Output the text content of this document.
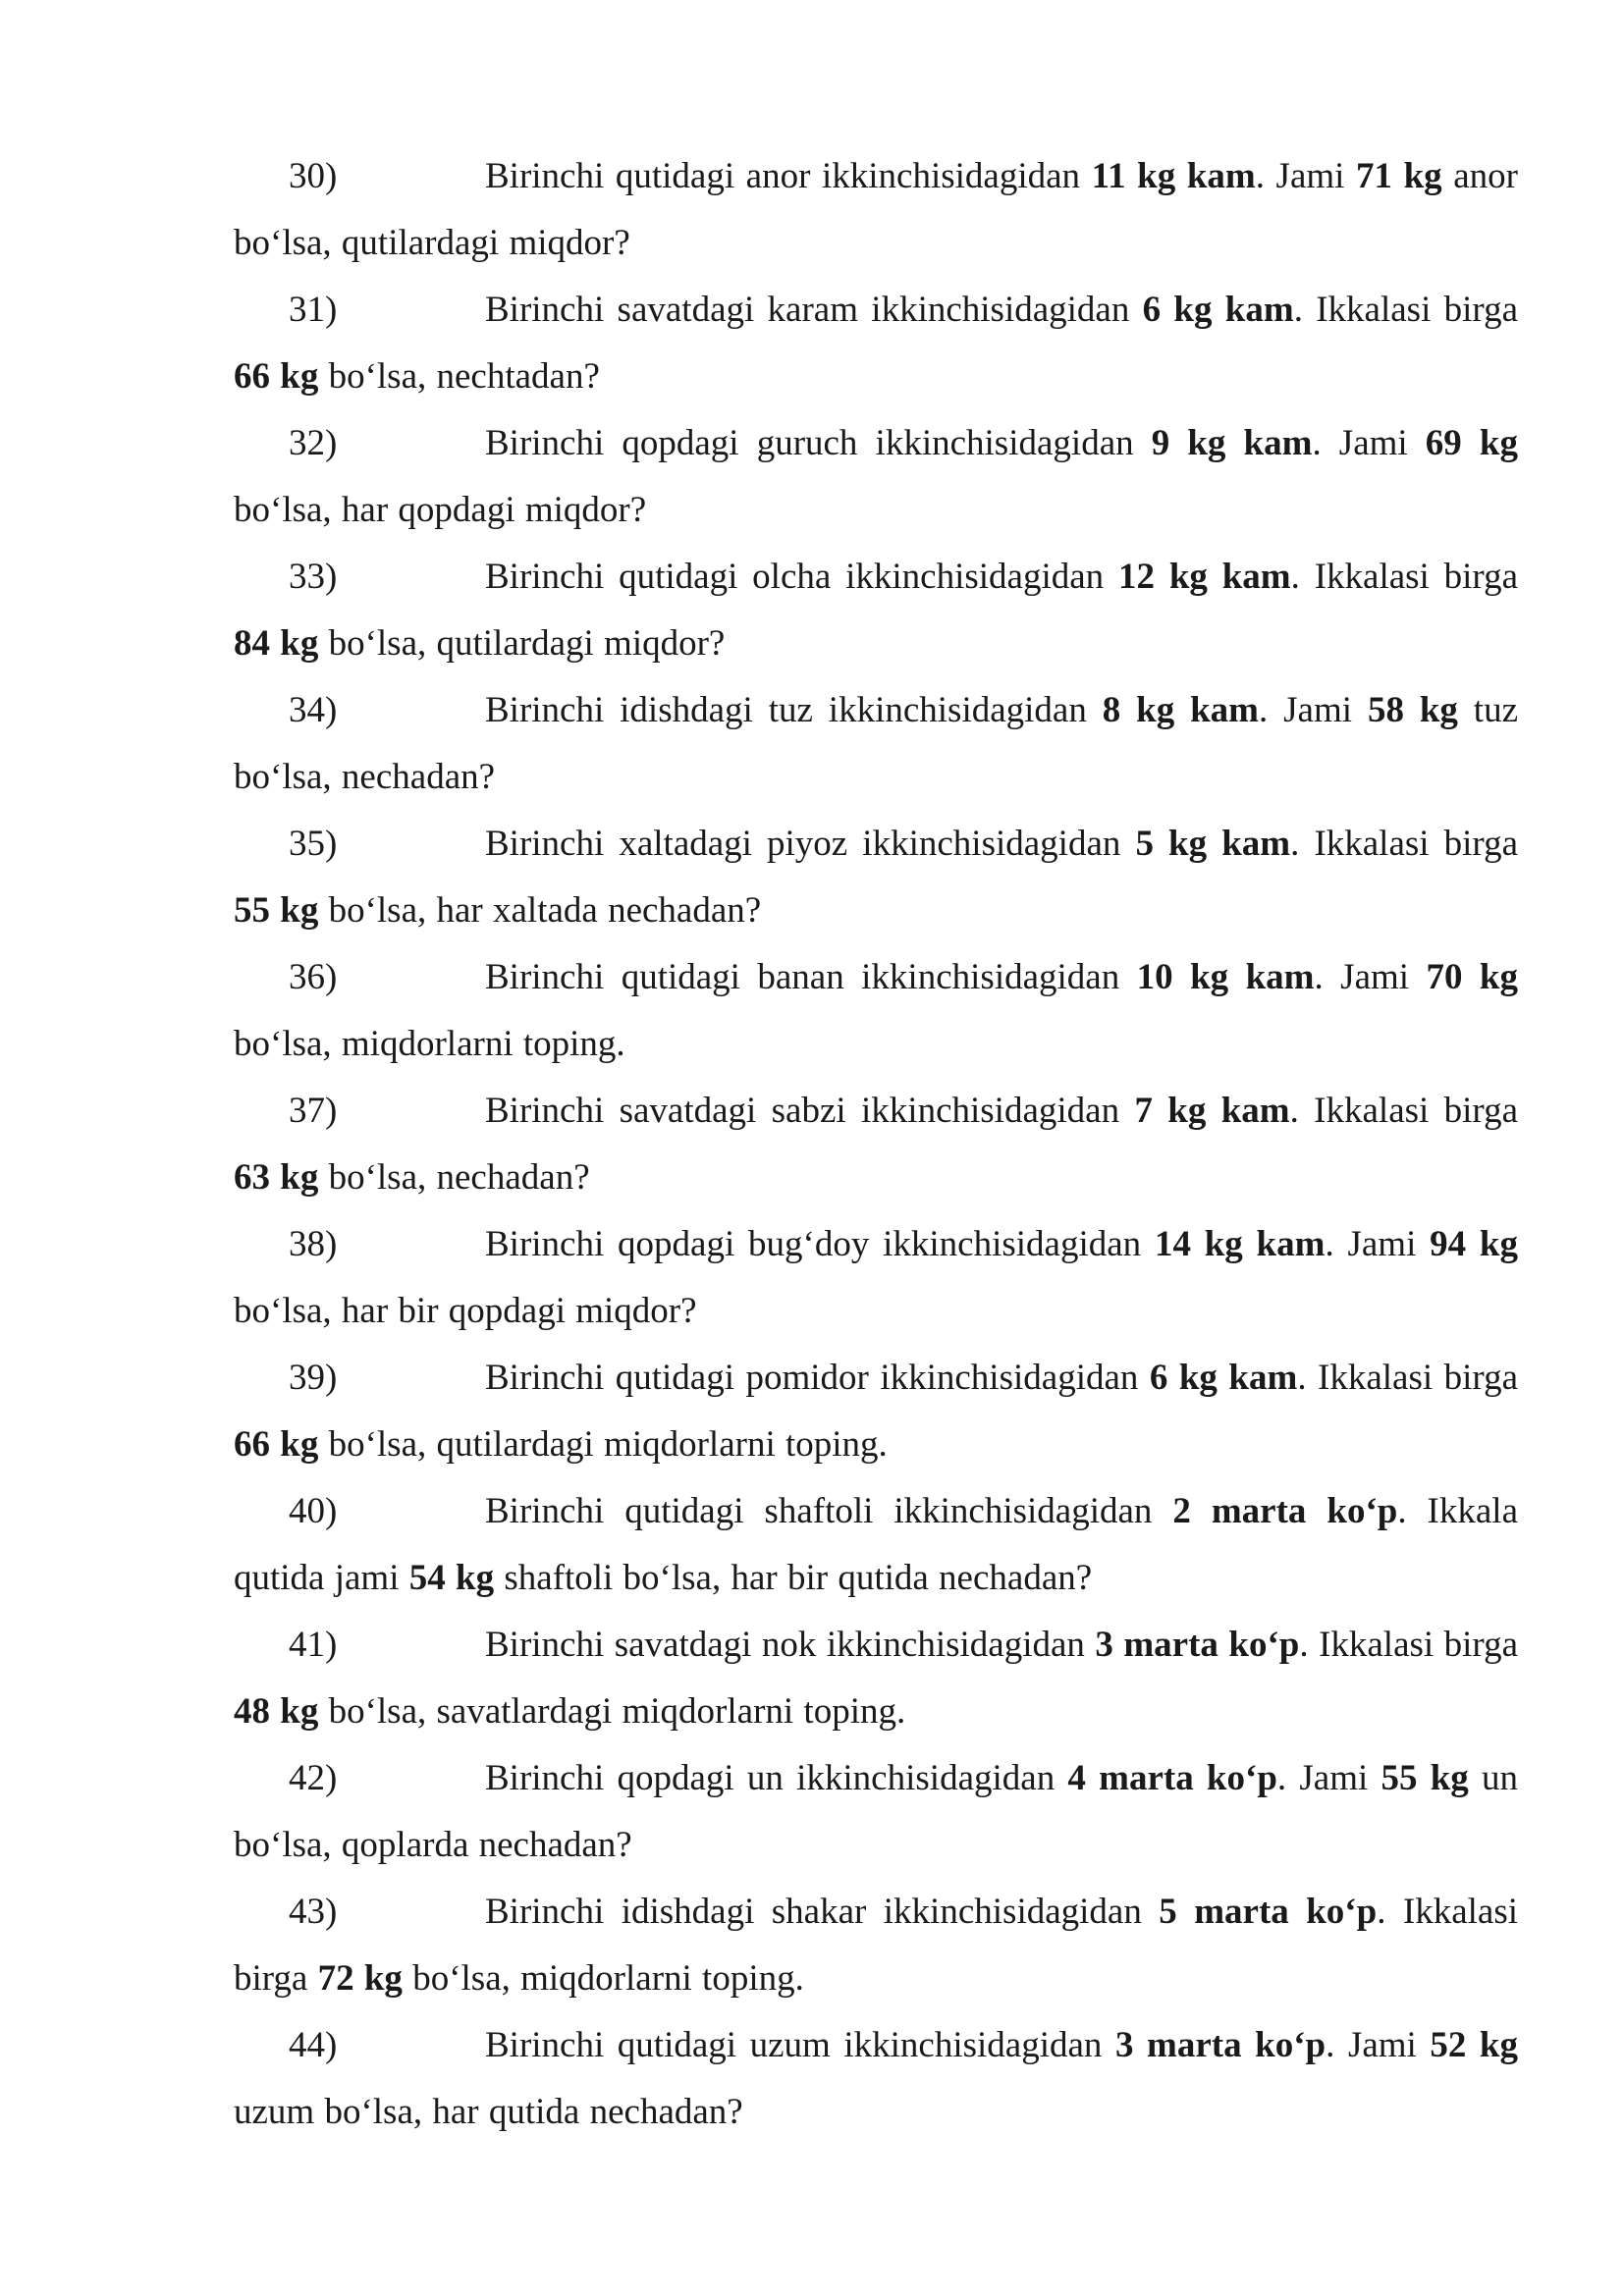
30)	Birinchi qutidagi anor ikkinchisidagidan 11 kg kam. Jami 71 kg anor bo‘lsa, qutilardagi miqdor?

31)	Birinchi savatdagi karam ikkinchisidagidan 6 kg kam. Ikkalasi birga 66 kg bo‘lsa, nechtadan?

32)	Birinchi qopdagi guruch ikkinchisidagidan 9 kg kam. Jami 69 kg bo‘lsa, har qopdagi miqdor?

33)	Birinchi qutidagi olcha ikkinchisidagidan 12 kg kam. Ikkalasi birga 84 kg bo‘lsa, qutilardagi miqdor?

34)	Birinchi idishdagi tuz ikkinchisidagidan 8 kg kam. Jami 58 kg tuz bo‘lsa, nechadan?

35)	Birinchi xaltadagi piyoz ikkinchisidagidan 5 kg kam. Ikkalasi birga 55 kg bo‘lsa, har xaltada nechadan?

36)	Birinchi qutidagi banan ikkinchisidagidan 10 kg kam. Jami 70 kg bo‘lsa, miqdorlarni toping.

37)	Birinchi savatdagi sabzi ikkinchisidagidan 7 kg kam. Ikkalasi birga 63 kg bo‘lsa, nechadan?

38)	Birinchi qopdagi bug‘doy ikkinchisidagidan 14 kg kam. Jami 94 kg bo‘lsa, har bir qopdagi miqdor?

39)	Birinchi qutidagi pomidor ikkinchisidagidan 6 kg kam. Ikkalasi birga 66 kg bo‘lsa, qutilardagi miqdorlarni toping.

40)	Birinchi qutidagi shaftoli ikkinchisidagidan 2 marta ko‘p. Ikkala qutida jami 54 kg shaftoli bo‘lsa, har bir qutida nechadan?

41)	Birinchi savatdagi nok ikkinchisidagidan 3 marta ko‘p. Ikkalasi birga 48 kg bo‘lsa, savatlardagi miqdorlarni toping.

42)	Birinchi qopdagi un ikkinchisidagidan 4 marta ko‘p. Jami 55 kg un bo‘lsa, qoplarda nechadan?

43)	Birinchi idishdagi shakar ikkinchisidagidan 5 marta ko‘p. Ikkalasi birga 72 kg bo‘lsa, miqdorlarni toping.

44)	Birinchi qutidagi uzum ikkinchisidagidan 3 marta ko‘p. Jami 52 kg uzum bo‘lsa, har qutida nechadan?
